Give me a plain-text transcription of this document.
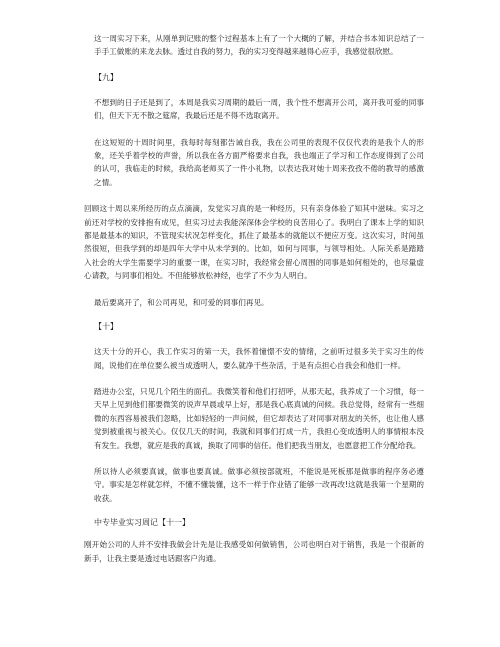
这一周实习下来，从刚单到记账的整个过程基本上有了一个大概的了解，并结合书本知识总结了一手手工做账的来龙去脉。透过自我的努力，我的实习变得越来越得心应手，我感觉很欣慰。

【九】

不想到的日子还是到了，本周是我实习周期的最后一周，我个性不想离开公司，离开我可爱的同事们，但天下无不散之筵席，我最后还是不得不选取离开。

在这短短的十周时间里，我每时每刻都告诫自我，我在公司里的表现不仅仅代表的是我个人的形象，还关乎着学校的声誉，所以我在各方面严格要求自我，我也端正了学习和工作态度得到了公司的认可，我临走的时候，我给高老师买了一件小礼物，以表达我对她十周来孜孜不倦的教导的感激之情。

回顾这十周以来所经历的点点滴滴，发觉实习真的是一种经历，只有亲身体验了知其中滋味。实习之前还对学校的安排抱有成见，但实习过去我能深深体会学校的良苦用心了。我明白了课本上学的知识都是最基本的知识，不管现实状况怎样变化，抓住了最基本的就能以不便应万变。这次实习，时间虽然很短，但我学到的却是四年大学中从未学到的。比如，如何与同事，与领导相处。人际关系是踏踏入社会的大学生需要学习的重要一课，在实习时，我经常会留心周围的同事是如何相处的，也尽量虚心请教，与同事们相处。不但能够放松神经，也学了不少为人明白。

最后要离开了，和公司再见，和可爱的同事们再见。

【十】

这天十分的开心，我工作实习的第一天，我怀着憧憬不安的情绪，之前听过很多关于实习生的传闻，说他们在单位要么被当成透明人，要么就净干些杂活，于是有点担心自我会和他们一样。

踏进办公室，只见几个陌生的面孔。我微笑着和他们打招呼，从那天起，我养成了一个习惯，每一天早上见到他们都要微笑的说声早晨或早上好，那是我心底真诚的问候。我总觉得，经常有一些细微的东西容易被我们忽略，比如轻轻的一声问候，但它却表达了对同事对朋友的关怀，也让他人感觉到被重视与被关心。仅仅几天的时间，我就和同事们打成一片，我担心变成透明人的事情根本没有发生。我想，就应是我的真诚，换取了同事的信任。他们把我当朋友，也愿意把工作分配给我。

所以待人必须要真诚，做事也要真诚。做事必须按部就班，不能说是死板那是做事的程序务必遵守。事实是怎样就怎样，不懂不懂装懂，这不一样于作业错了能够一改再改!这就是我第一个星期的收获。

中专毕业实习周记【十一】

刚开始公司的人并不安排我做会计先是让我感受如何做销售，公司也明白对于销售，我是一个很新的新手，让我主要是透过电话跟客户沟通。
